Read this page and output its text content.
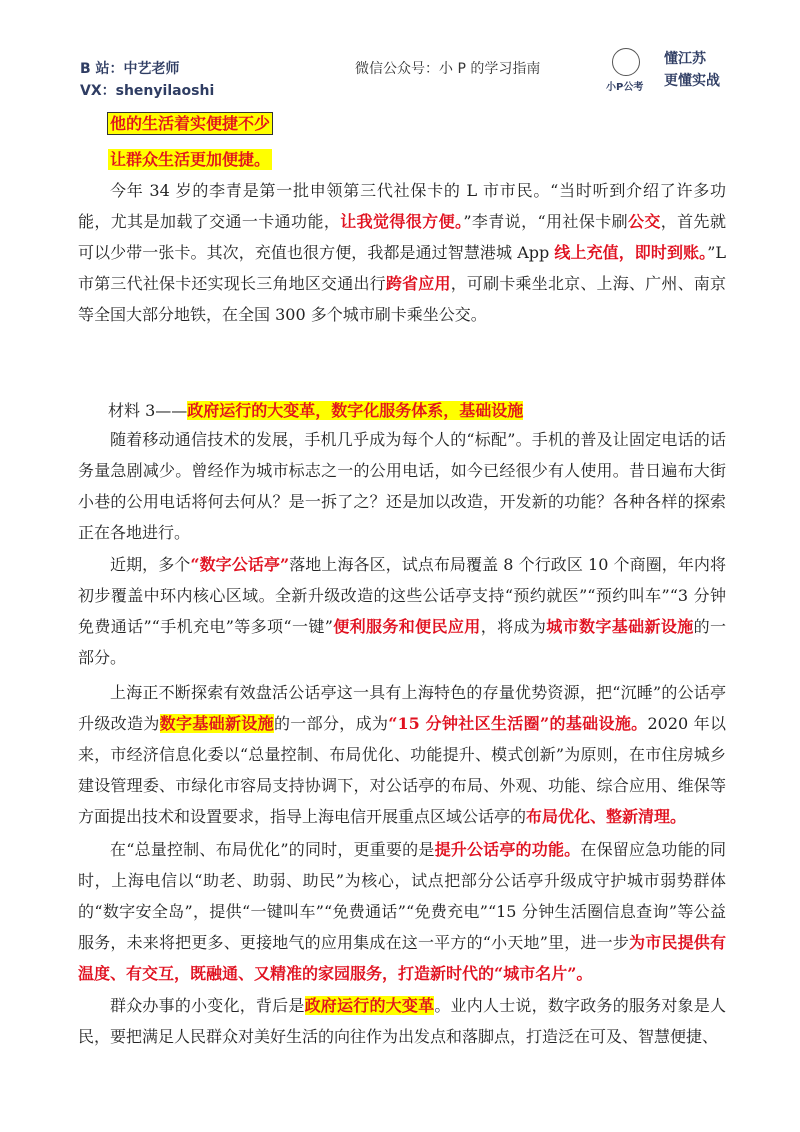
B 站：中艺老师
VX：shenyilaoshi
微信公众号：小 P 的学习指南
小P公考
懂江苏
更懂实战
他的生活着实便捷不少
让群众生活更加便捷。
今年 34 岁的李青是第一批申领第三代社保卡的 L 市市民。“当时听到介绍了许多功能，尤其是加载了交通一卡通功能，让我觉得很方便。”李青说，“用社保卡刷公交，首先就可以少带一张卡。其次，充值也很方便，我都是通过智慧港城 App 线上充值，即时到账。”L 市第三代社保卡还实现长三角地区交通出行跨省应用，可刷卡乘坐北京、上海、广州、南京等全国大部分地铁，在全国 300 多个城市刷卡乘坐公交。
材料 3——政府运行的大变革，数字化服务体系，基础设施
随着移动通信技术的发展，手机几乎成为每个人的“标配”。手机的普及让固定电话的话务量急剧减少。曾经作为城市标志之一的公用电话，如今已经很少有人使用。昔日遍布大街小巷的公用电话将何去何从？是一拆了之？还是加以改造，开发新的功能？各种各样的探索正在各地进行。
近期，多个“数字公话亭”落地上海各区，试点布局覆盖 8 个行政区 10 个商圈，年内将初步覆盖中环内核心区域。全新升级改造的这些公话亭支持“预约就医”“预约叫车”“3 分钟免费通话”“手机充电”等多项“一键”便利服务和便民应用，将成为城市数字基础新设施的一部分。
上海正不断探索有效盘活公话亭这一具有上海特色的存量优势资源，把“沉睡”的公话亭升级改造为数字基础新设施的一部分，成为“15 分钟社区生活圈”的基础设施。2020 年以来，市经济信息化委以“总量控制、布局优化、功能提升、模式创新”为原则，在市住房城乡建设管理委、市绿化市容局支持协调下，对公话亭的布局、外观、功能、综合应用、维保等方面提出技术和设置要求，指导上海电信开展重点区域公话亭的布局优化、整新清理。
在“总量控制、布局优化”的同时，更重要的是提升公话亭的功能。在保留应急功能的同时，上海电信以“助老、助弱、助民”为核心，试点把部分公话亭升级成守护城市弱势群体的“数字安全岛”，提供“一键叫车”“免费通话”“免费充电”“15 分钟生活圈信息查询”等公益服务，未来将把更多、更接地气的应用集成在这一平方的“小天地”里，进一步为市民提供有温度、有交互，既融通、又精准的家园服务，打造新时代的“城市名片”。
群众办事的小变化，背后是政府运行的大变革。业内人士说，数字政务的服务对象是人民，要把满足人民群众对美好生活的向往作为出发点和落脚点，打造泛在可及、智慧便捷、
